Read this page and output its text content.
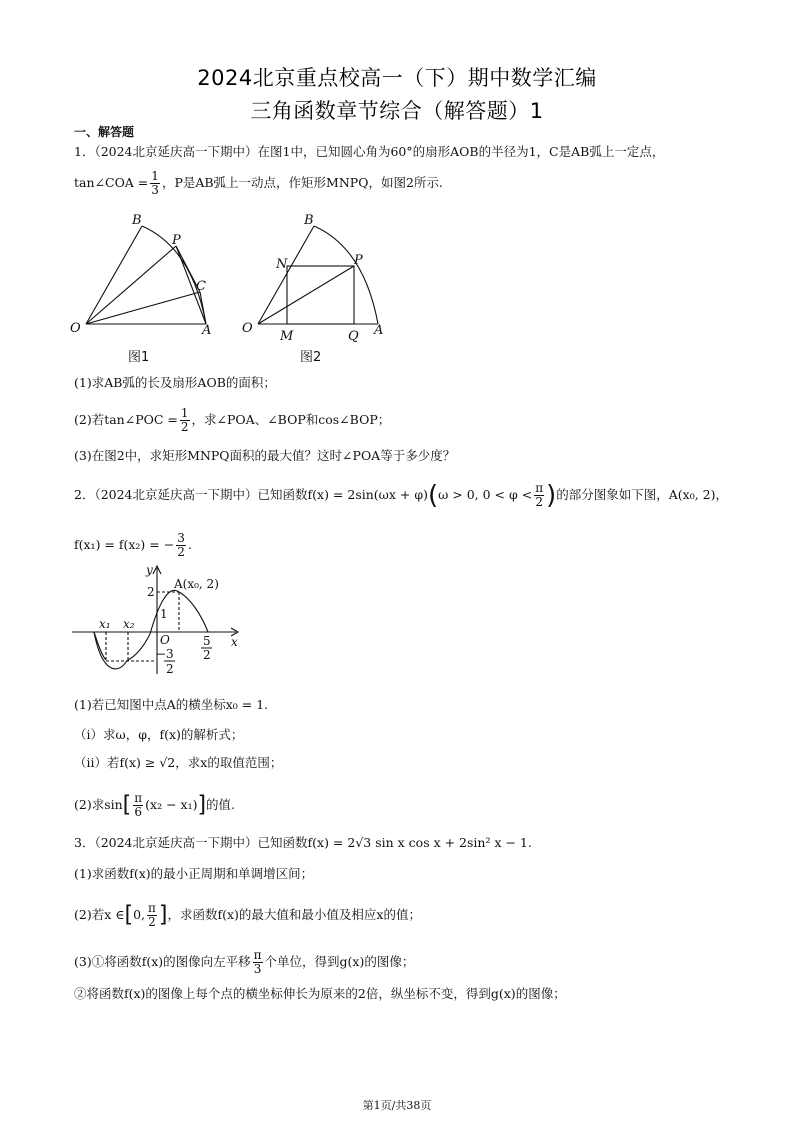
2024北京重点校高一（下）期中数学汇编
三角函数章节综合（解答题）1
一、解答题
1．（2024北京延庆高一下期中）在图1中，已知圆心角为60°的扇形AOB的半径为1，C是AB弧上一定点，
tan∠COA = $\frac{1}{3}$ ，P是AB弧上一动点，作矩形MNPQ，如图2所示.
B
P
C
O	A
图1
B
N	P
O
M	Q A
图2
(1)求AB弧的长及扇形AOB的面积；
(2)若tan∠POC = $\frac{1}{2}$ ，求∠POA、∠BOP和cos∠BOP；
(3)在图2中，求矩形MNPQ面积的最大值？这时∠POA等于多少度？
2．（2024北京延庆高一下期中）已知函数f(x) = 2sin(ωx + φ)(ω > 0, $0 < \varphi < \frac{\pi}{2}$ )的部分图象如下图，A(x₀, 2)，
f(x₁) = f(x₂) = − $\frac{3}{2}$ .
y
A(x₀, 2)
2
1
O
x₁ x₂
5
2
− 3
2
x
(1)若已知图中点A的横坐标x₀ = 1.
（i）求ω，φ，f(x)的解析式；
（ii）若f(x) ≥ √2，求x的取值范围；
(2)求$\sin[ \frac{\pi}{6} (x_2 - x_1)]$的值.
3．（2024北京延庆高一下期中）已知函数f(x) = 2√3 sin x cos x + 2sin² x − 1.
(1)求函数f(x)的最小正周期和单调增区间；
(2)若x ∈[0, $\frac{\pi}{2}$ ]，求函数f(x)的最大值和最小值及相应x的值；
(3)①将函数f(x)的图像向左平移 $\frac{\pi}{3}$ 个单位，得到g(x)的图像；
②将函数f(x)的图像上每个点的横坐标伸长为原来的2倍，纵坐标不变，得到g(x)的图像；
第1页/共38页
